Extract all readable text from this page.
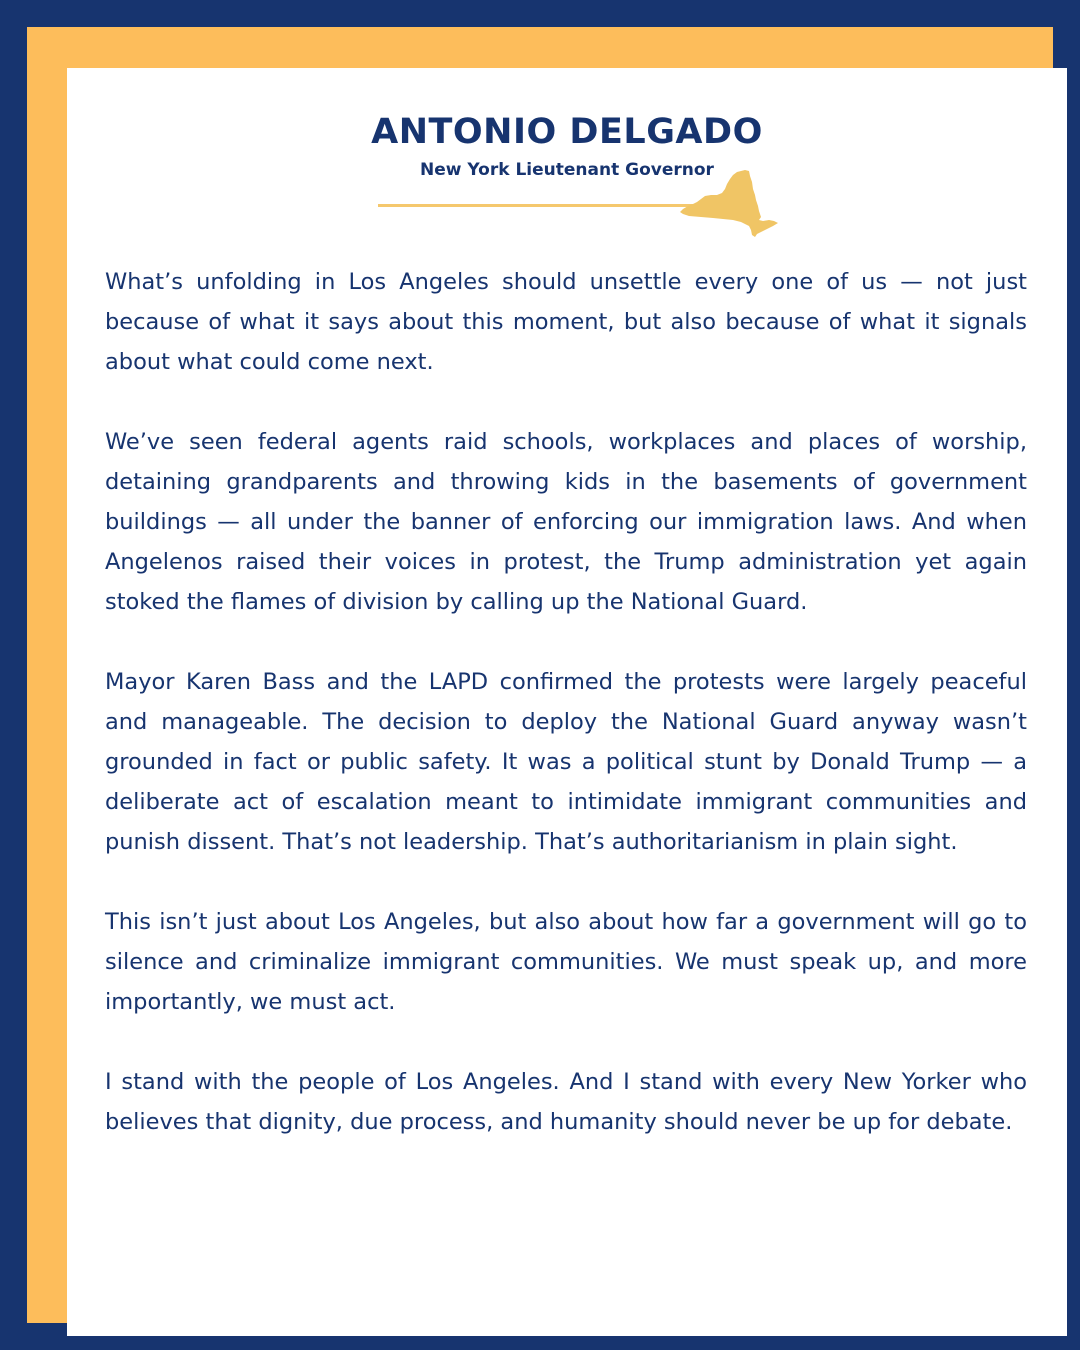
ANTONIO DELGADO
New York Lieutenant Governor

What’s unfolding in Los Angeles should unsettle every one of us — not just because of what it says about this moment, but also because of what it signals about what could come next.

We’ve seen federal agents raid schools, workplaces and places of worship, detaining grandparents and throwing kids in the basements of government buildings — all under the banner of enforcing our immigration laws. And when Angelenos raised their voices in protest, the Trump administration yet again stoked the flames of division by calling up the National Guard.

Mayor Karen Bass and the LAPD confirmed the protests were largely peaceful and manageable. The decision to deploy the National Guard anyway wasn’t grounded in fact or public safety. It was a political stunt by Donald Trump — a deliberate act of escalation meant to intimidate immigrant communities and punish dissent. That’s not leadership. That’s authoritarianism in plain sight.

This isn’t just about Los Angeles, but also about how far a government will go to silence and criminalize immigrant communities. We must speak up, and more importantly, we must act.

I stand with the people of Los Angeles. And I stand with every New Yorker who believes that dignity, due process, and humanity should never be up for debate.
